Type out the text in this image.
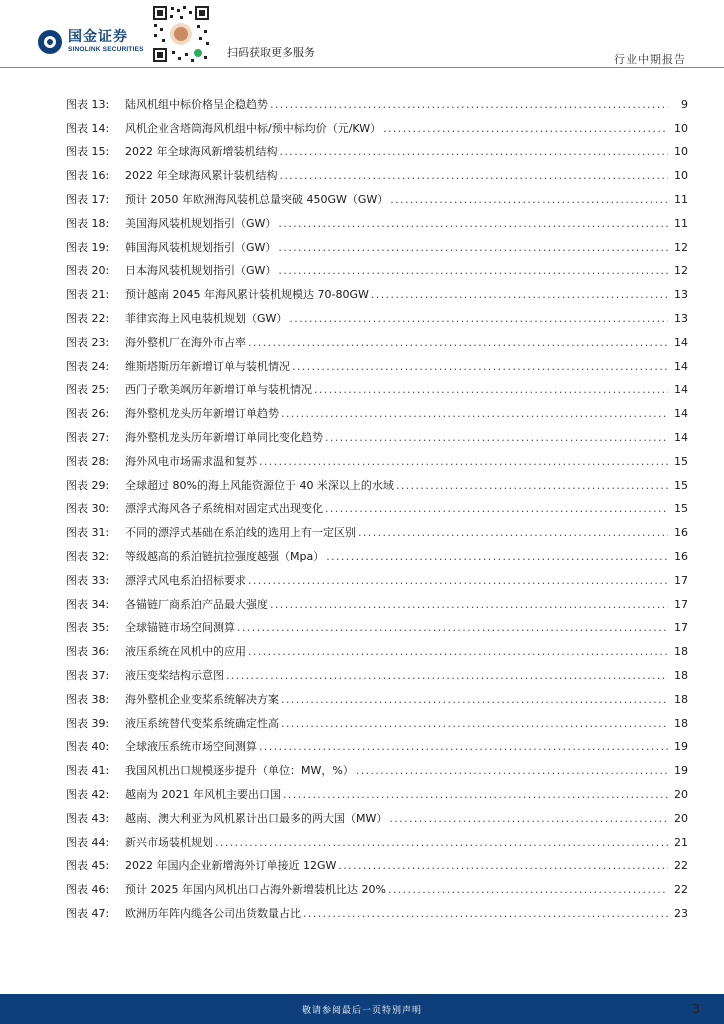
国金证券
SINOLINK SECURITIES	扫码获取更多服务
行业中期报告
图表 13:	陆风机组中标价格呈企稳趋势 .....	9
图表 14:	风机企业含塔筒海风机组中标/预中标均价（元/KW） .....	10
图表 15:	2022 年全球海风新增装机结构 .....	10
图表 16:	2022 年全球海风累计装机结构 .....	10
图表 17:	预计 2050 年欧洲海风装机总量突破 450GW（GW） .....	11
图表 18:	美国海风装机规划指引（GW） .....	11
图表 19:	韩国海风装机规划指引（GW） .....	12
图表 20:	日本海风装机规划指引（GW） .....	12
图表 21:	预计越南 2045 年海风累计装机规模达 70-80GW .....	13
图表 22:	菲律宾海上风电装机规划（GW） .....	13
图表 23:	海外整机厂在海外市占率 .....	14
图表 24:	维斯塔斯历年新增订单与装机情况 .....	14
图表 25:	西门子歌美飒历年新增订单与装机情况 .....	14
图表 26:	海外整机龙头历年新增订单趋势 .....	14
图表 27:	海外整机龙头历年新增订单同比变化趋势 .....	14
图表 28:	海外风电市场需求温和复苏 .....	15
图表 29:	全球超过 80%的海上风能资源位于 40 米深以上的水域 .....	15
图表 30:	漂浮式海风各子系统相对固定式出现变化 .....	15
图表 31:	不同的漂浮式基础在系泊线的选用上有一定区别 .....	16
图表 32:	等级越高的系泊链抗拉强度越强（Mpa） .....	16
图表 33:	漂浮式风电系泊招标要求 .....	17
图表 34:	各锚链厂商系泊产品最大强度 .....	17
图表 35:	全球锚链市场空间测算 .....	17
图表 36:	液压系统在风机中的应用 .....	18
图表 37:	液压变桨结构示意图 .....	18
图表 38:	海外整机企业变桨系统解决方案 .....	18
图表 39:	液压系统替代变桨系统确定性高 .....	18
图表 40:	全球液压系统市场空间测算 .....	19
图表 41:	我国风机出口规模逐步提升（单位：MW，%） .....	19
图表 42:	越南为 2021 年风机主要出口国 .....	20
图表 43:	越南、澳大利亚为风机累计出口最多的两大国（MW） .....	20
图表 44:	新兴市场装机规划 .....	21
图表 45:	2022 年国内企业新增海外订单接近 12GW .....	22
图表 46:	预计 2025 年国内风机出口占海外新增装机比达 20% .....	22
图表 47:	欧洲历年阵内缆各公司出货数量占比 .....	23
敬请参阅最后一页特别声明	3
